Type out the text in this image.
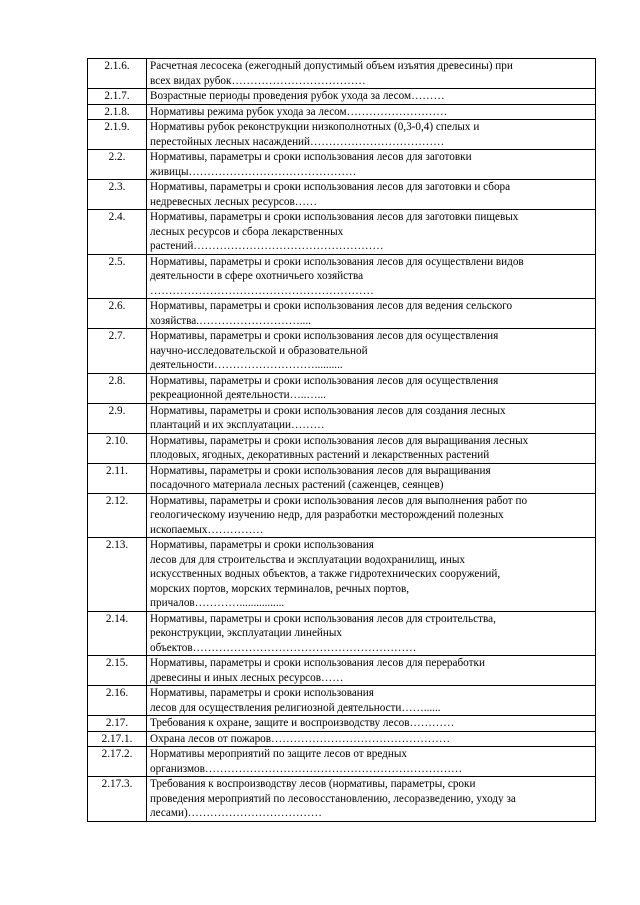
2.1.6.	Расчетная лесосека (ежегодный допустимый объем изъятия древесины) при
всех видах рубок………………………………
2.1.7.	Возрастные периоды проведения рубок ухода за лесом………
2.1.8.	Нормативы режима рубок ухода за лесом………………………
2.1.9.	Нормативы рубок реконструкции низкополнотных (0,3-0,4) спелых и
перестойных лесных насаждений………………………………
2.2.	Нормативы, параметры и сроки использования лесов для заготовки
живицы………………………………………
2.3.	Нормативы, параметры и сроки использования лесов для заготовки и сбора
недревесных лесных ресурсов……
2.4.	Нормативы, параметры и сроки использования лесов для заготовки пищевых
лесных ресурсов и сбора лекарственных
растений……………………………………………
2.5.	Нормативы, параметры и сроки использования лесов для осуществлени видов
деятельности в сфере охотничьего хозяйства
……………………………………………………
2.6.	Нормативы, параметры и сроки использования лесов для ведения сельского
хозяйства.………………………....
2.7.	Нормативы, параметры и сроки использования лесов для осуществления
научно-исследовательской и образовательной
деятельности………………………..........
2.8.	Нормативы, параметры и сроки использования лесов для осуществления
рекреационной деятельности…..…...
2.9.	Нормативы, параметры и сроки использования лесов для создания лесных
плантаций и их эксплуатации………
2.10.	Нормативы, параметры и сроки использования лесов для выращивания лесных
плодовых, ягодных, декоративных растений и лекарственных растений
2.11.	Нормативы, параметры и сроки использования лесов для выращивания
посадочного материала лесных растений (саженцев, сеянцев)
2.12.	Нормативы, параметры и сроки использования лесов для выполнения работ по
геологическому изучению недр, для разработки месторождений полезных
ископаемых……………
2.13.	Нормативы, параметры и сроки использования
лесов для для строительства и эксплуатации водохранилищ, иных
искусственных водных объектов, а также гидротехнических сооружений,
морских портов, морских терминалов, речных портов,
причалов…………................
2.14.	Нормативы, параметры и сроки использования лесов для строительства,
реконструкции, эксплуатации линейных
объектов……………………………………………………
2.15.	Нормативы, параметры и сроки использования лесов для переработки
древесины и иных лесных ресурсов……
2.16.	Нормативы, параметры и сроки использования
лесов для осуществления религиозной деятельности……......
2.17.	Требования к охране, защите и воспроизводству лесов…………
2.17.1.	Охрана лесов от пожаров…………………………………………
2.17.2.	Нормативы мероприятий по защите лесов от вредных
организмов……………………………………………………………
2.17.3.	Требования к воспроизводству лесов (нормативы, параметры, сроки
проведения мероприятий по лесовосстановлению, лесоразведению, уходу за
лесами)………………………………
